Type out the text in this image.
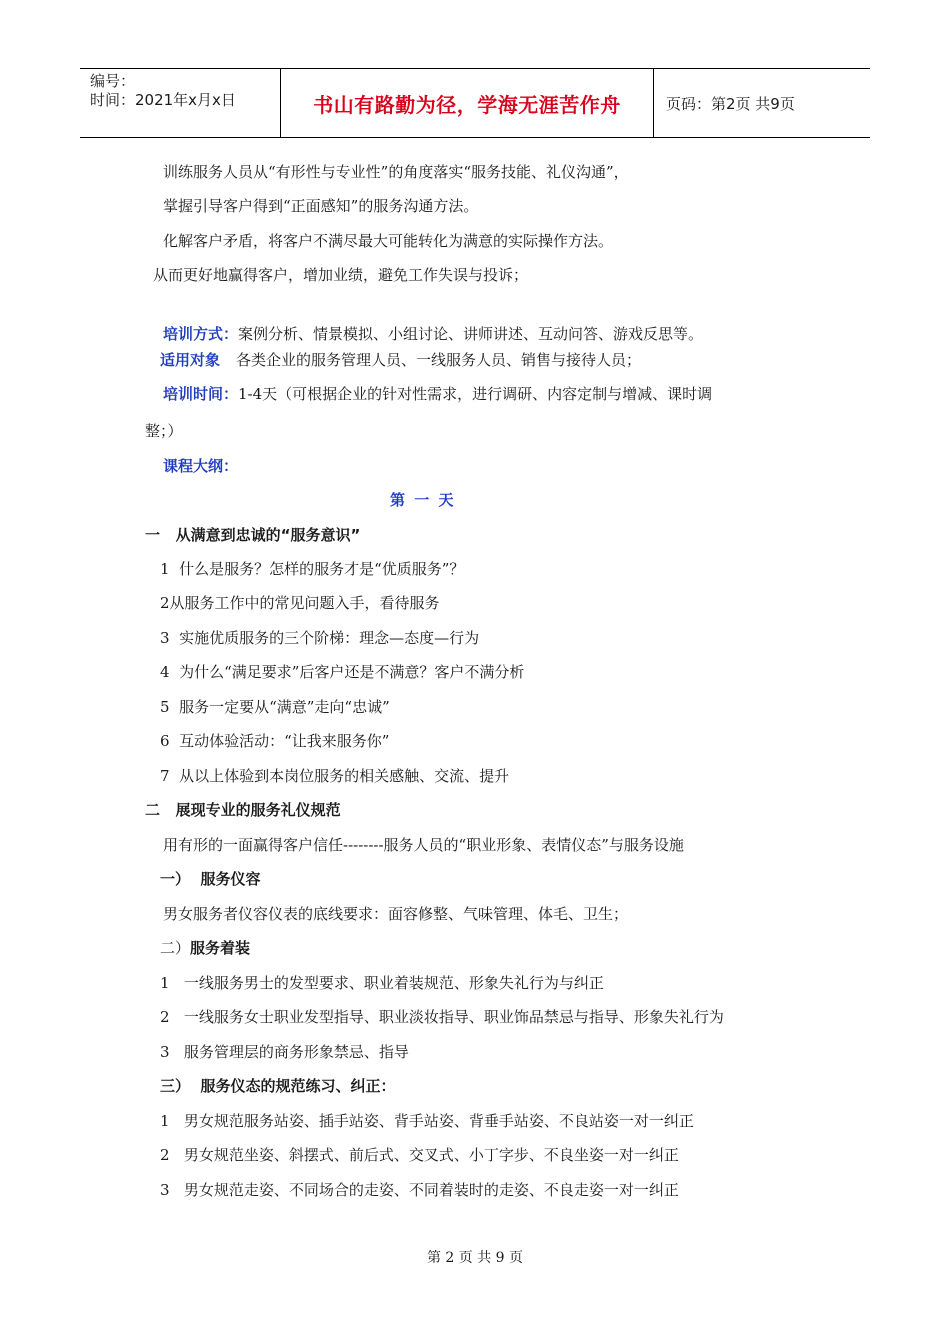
编号：
时间：2021年x月x日	书山有路勤为径，学海无涯苦作舟	页码：第2页 共9页
训练服务人员从“有形性与专业性”的角度落实“服务技能、礼仪沟通”，
掌握引导客户得到“正面感知”的服务沟通方法。
化解客户矛盾，将客户不满尽最大可能转化为满意的实际操作方法。
从而更好地赢得客户，增加业绩，避免工作失误与投诉；
培训方式：案例分析、情景模拟、小组讨论、讲师讲述、互动问答、游戏反思等。
适用对象 各类企业的服务管理人员、一线服务人员、销售与接待人员；
培训时间：1-4天（可根据企业的针对性需求，进行调研、内容定制与增减、课时调
整；）
课程大纲：
第 一 天
一   从满意到忠诚的“服务意识”
1  什么是服务？怎样的服务才是“优质服务”？
2从服务工作中的常见问题入手，看待服务
3  实施优质服务的三个阶梯：理念—态度—行为
4  为什么“满足要求”后客户还是不满意？客户不满分析
5  服务一定要从“满意”走向“忠诚”
6  互动体验活动：“让我来服务你”
7  从以上体验到本岗位服务的相关感触、交流、提升
二   展现专业的服务礼仪规范
用有形的一面赢得客户信任--------服务人员的“职业形象、表情仪态”与服务设施
一）  服务仪容
男女服务者仪容仪表的底线要求：面容修整、气味管理、体毛、卫生；
二）服务着装
1   一线服务男士的发型要求、职业着装规范、形象失礼行为与纠正
2   一线服务女士职业发型指导、职业淡妆指导、职业饰品禁忌与指导、形象失礼行为
3   服务管理层的商务形象禁忌、指导
三）  服务仪态的规范练习、纠正：
1   男女规范服务站姿、插手站姿、背手站姿、背垂手站姿、不良站姿一对一纠正
2   男女规范坐姿、斜摆式、前后式、交叉式、小丁字步、不良坐姿一对一纠正
3   男女规范走姿、不同场合的走姿、不同着装时的走姿、不良走姿一对一纠正
第 2 页 共 9 页
